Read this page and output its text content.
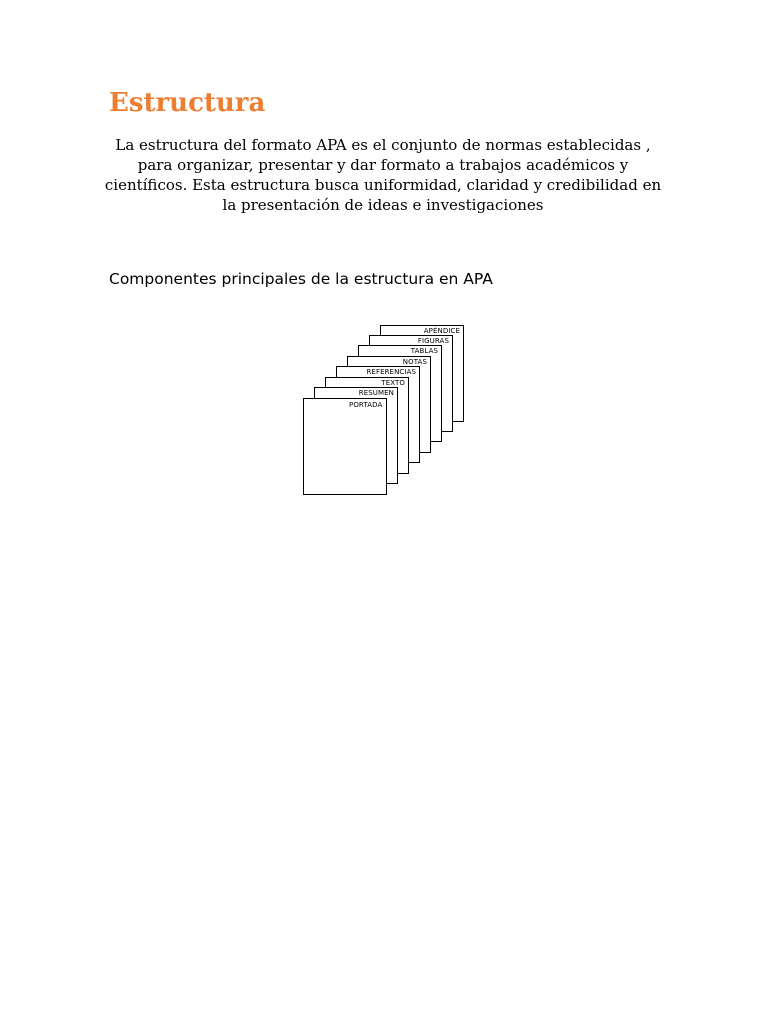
Estructura

La estructura del formato APA es el conjunto de normas establecidas , para organizar, presentar y dar formato a trabajos académicos y científicos. Esta estructura busca uniformidad, claridad y credibilidad en la presentación de ideas e investigaciones

Componentes principales de la estructura en APA
APÉNDICE
FIGURAS
TABLAS
NOTAS
REFERENCIAS
TEXTO
RESUMEN
PORTADA
